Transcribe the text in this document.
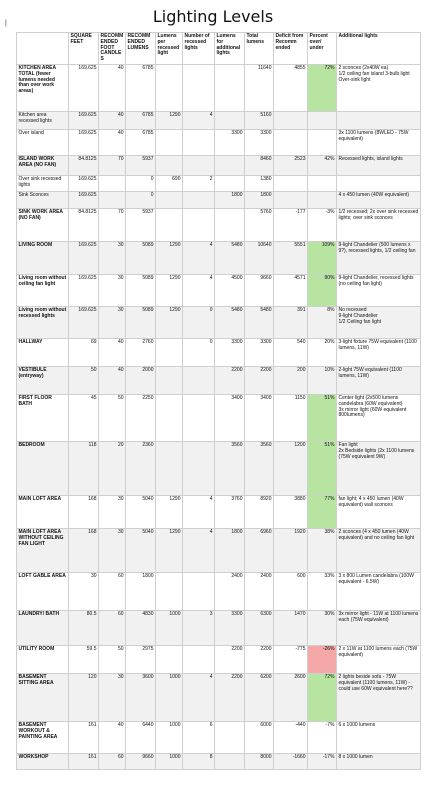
|	Lighting Levels
	SQUARE FEET	RECOMM ENDED FOOT CANDLES	RECOMM ENDED LUMENS	Lumens per recessed light	Number of recessed lights	Lumens for additional lights	Total lumens	Deficit from Recomm ended	Percent over/ under	Additional lights
KITCHEN AREA TOTAL (fewer lumens needed than over work areas)	169.625	40	6785				11640	4855	72%	2 sconces (2x40W ea)
1/2 ceiling fan island 3-bulb light
Over-sink light
Kitchen area recessed lights	169.625	40	6785	1290	4		5160			
Over island	169.625	40	6785			3300	3300			3x 1100 lumens (8WLED - 75W equivalent)
ISLAND WORK AREA (NO FAN)	84.8125	70	5937				8460	2523	42%	Recessed lights, island lights
Over sink recessed lights	169.625		0	690	2		1380			
Sink Sconces	169.625		0			1800	1800			4 x 450 lumen (40W equivalent)
SINK WORK AREA (NO FAN)	84.8125	70	5937				5760	-177	-3%	1/2 recessed; 2x over sink recessed lights; over sink sconces
LIVING ROOM	169.625	30	5089	1290	4	5480	10640	5551	109%	9-light Chandelier (500 lumens x 9?), recessed lights, 1/2 ceiling fan
Living room without ceiling fan light	169.625	30	5089	1290	4	4500	9660	4571	90%	9-light Chandelier, recessed lights (no ceiling fan light)
Living room without recessed lights	169.625	30	5089	1290	0	5480	5480	391	8%	No recessed
9-light Chandelier
1/2 Ceiling fan light
HALLWAY	69	40	2760		0	3300	3300	540	20%	3-light fixture 75W equivalent (1100 lumens, 11W)
VESTIBULE (entryway)	50	40	2000			2200	2200	200	10%	2-light 75W equivalent (1100 lumens, 11W)
FIRST FLOOR BATH	45	50	2250			3400	3400	1150	51%	Center light (2x500 lumens candelabra (60W equivalent)
3x mirror light (60W equivalent 800lumens)
BEDROOM	118	20	2360			3560	3560	1200	51%	Fan light
2x Bedside lights (2x 1100 lumens (75W equivalent 9W)
MAIN LOFT AREA	168	30	5040	1290	4	3760	8920	3880	77%	fan light; 4 x 450 lumen (40W equivalent) wall sconces
MAIN LOFT AREA WITHOUT CEILING FAN LIGHT	168	30	5040	1290	4	1800	6960	1920	38%	2 sconces (4 x 450 lumen (40W equivalent) and no ceiling fan light
LOFT GABLE AREA	30	60	1800			2400	2400	600	33%	3 x 800 Lumen candelabra (100W equivalent - 6.5W)
LAUNDRY/ BATH	80.5	60	4830	1000	3	3300	6300	1470	30%	3x mirror light - 11W at 1100 lumens each (75W equivalent)
UTILITY ROOM	59.5	50	2975			2200	2200	-775	-26%	2 x 11W at 1100 lumens each (75W equivalent)
BASEMENT SITTING AREA	120	30	3600	1000	4	2200	6200	2600	72%	2 lights beside sofa - 75W equivalent (1100 lumens, 11W) - could use 60W equivalent here??
BASEMENT WORKOUT & PAINTING AREA	161	40	6440	1000	6		6000	-440	-7%	6 x 1000 lumens
WORKSHOP	161	60	9660	1000	8		8000	-1660	-17%	8 x 1000 lumen
